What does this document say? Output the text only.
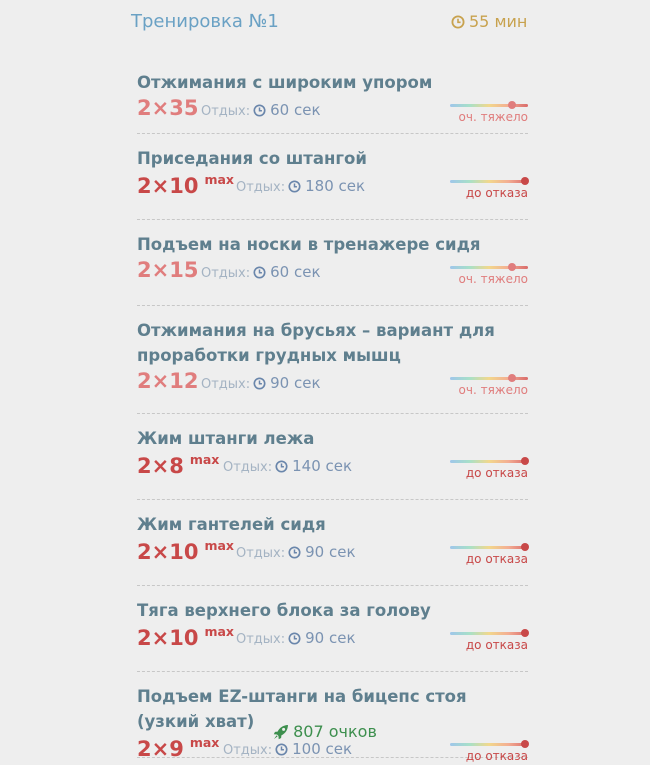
Тренировка №1	55 мин
Отжимания с широким упором
2×35 Отдых: 60 сек	оч. тяжело
Приседания со штангой
2×10 $^{max}$
Отдых: 180 сек	до отказа
Подъем на носки в тренажере сидя
2×15 Отдых: 60 сек	оч. тяжело
Отжимания на брусьях – вариант для проработки грудных мышц
2×12 Отдых: 90 сек	оч. тяжело
Жим штанги лежа
2×8 $^{max}$
Отдых: 140 сек	до отказа
Жим гантелей сидя
2×10 $^{max}$
Отдых: 90 сек	до отказа
Тяга верхнего блока за голову
2×10 $^{max}$
Отдых: 90 сек	до отказа
Подъем EZ-штанги на бицепс стоя (узкий хват)
2×9 $^{max}$
Отдых: 100 сек	до отказа
807 очков
